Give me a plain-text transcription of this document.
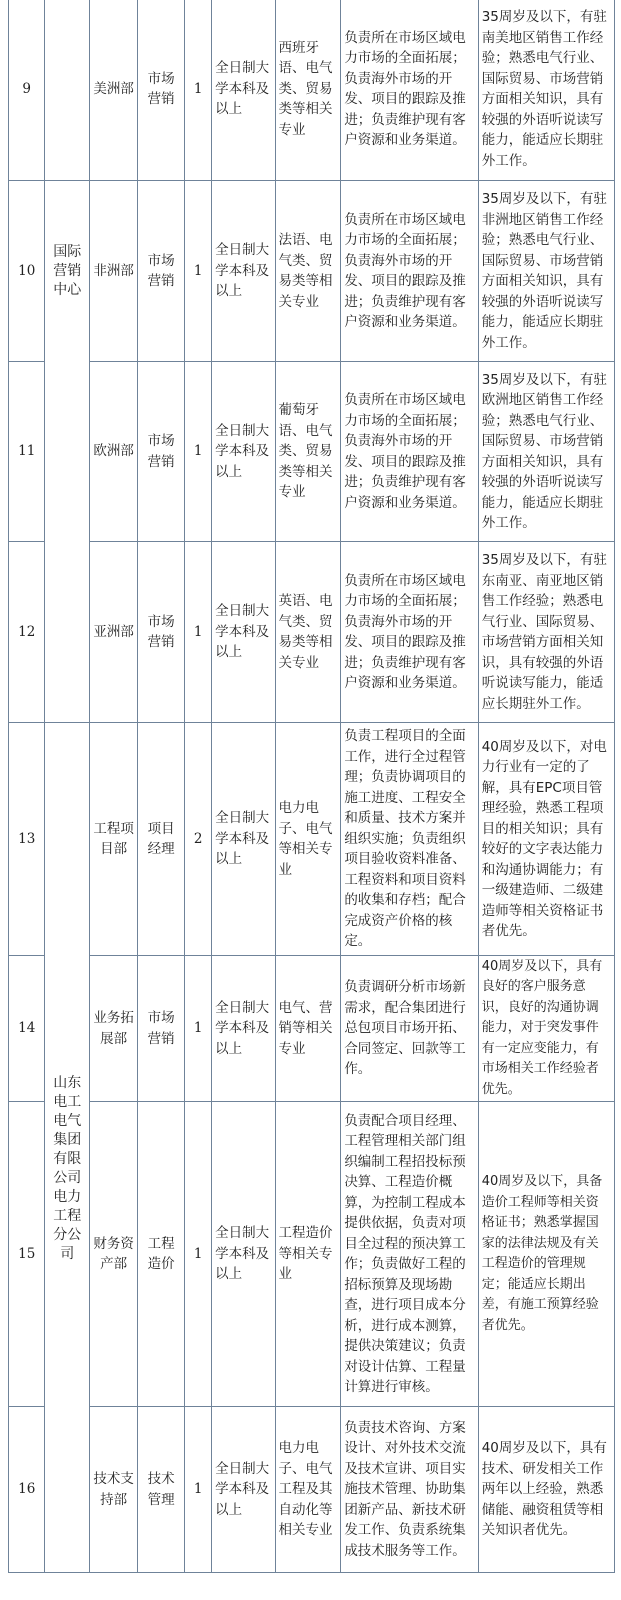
9		美洲部	市场营销	1	全日制大学本科及以上	西班牙语、电气类、贸易类等相关专业	负责所在市场区域电力市场的全面拓展；负责海外市场的开发、项目的跟踪及推进；负责维护现有客户资源和业务渠道。	35周岁及以下，有驻南美地区销售工作经验；熟悉电气行业、国际贸易、市场营销方面相关知识，具有较强的外语听说读写能力，能适应长期驻外工作。
10	国际营销中心	非洲部	市场营销	1	全日制大学本科及以上	法语、电气类、贸易类等相关专业	负责所在市场区域电力市场的全面拓展；负责海外市场的开发、项目的跟踪及推进；负责维护现有客户资源和业务渠道。	35周岁及以下，有驻非洲地区销售工作经验；熟悉电气行业、国际贸易、市场营销方面相关知识，具有较强的外语听说读写能力，能适应长期驻外工作。
11		欧洲部	市场营销	1	全日制大学本科及以上	葡萄牙语、电气类、贸易类等相关专业	负责所在市场区域电力市场的全面拓展；负责海外市场的开发、项目的跟踪及推进；负责维护现有客户资源和业务渠道。	35周岁及以下，有驻欧洲地区销售工作经验；熟悉电气行业、国际贸易、市场营销方面相关知识，具有较强的外语听说读写能力，能适应长期驻外工作。
12		亚洲部	市场营销	1	全日制大学本科及以上	英语、电气类、贸易类等相关专业	负责所在市场区域电力市场的全面拓展；负责海外市场的开发、项目的跟踪及推进；负责维护现有客户资源和业务渠道。	35周岁及以下，有驻东南亚、南亚地区销售工作经验；熟悉电气行业、国际贸易、市场营销方面相关知识，具有较强的外语听说读写能力，能适应长期驻外工作。
13		工程项目部	项目经理	2	全日制大学本科及以上	电力电子、电气等相关专业	负责工程项目的全面工作，进行全过程管理；负责协调项目的施工进度、工程安全和质量、技术方案并组织实施；负责组织项目验收资料准备、工程资料和项目资料的收集和存档；配合完成资产价格的核定。	40周岁及以下，对电力行业有一定的了解，具有EPC项目管理经验，熟悉工程项目的相关知识；具有较好的文字表达能力和沟通协调能力；有一级建造师、二级建造师等相关资格证书者优先。
14	山东电工电气集团有限公司电力工程分公司	业务拓展部	市场营销	1	全日制大学本科及以上	电气、营销等相关专业	负责调研分析市场新需求，配合集团进行总包项目市场开拓、合同签定、回款等工作。	40周岁及以下，具有良好的客户服务意识，良好的沟通协调能力，对于突发事件有一定应变能力，有市场相关工作经验者优先。
15		财务资产部	工程造价	1	全日制大学本科及以上	工程造价等相关专业	负责配合项目经理、工程管理相关部门组织编制工程招投标预决算、工程造价概算，为控制工程成本提供依据，负责对项目全过程的预决算工作；负责做好工程的招标预算及现场勘查，进行项目成本分析，进行成本测算，提供决策建议；负责对设计估算、工程量计算进行审核。	40周岁及以下，具备造价工程师等相关资格证书；熟悉掌握国家的法律法规及有关工程造价的管理规定；能适应长期出差，有施工预算经验者优先。
16		技术支持部	技术管理	1	全日制大学本科及以上	电力电子、电气工程及其自动化等相关专业	负责技术咨询、方案设计、对外技术交流及技术宣讲、项目实施技术管理、协助集团新产品、新技术研发工作、负责系统集成技术服务等工作。	40周岁及以下，具有技术、研发相关工作两年以上经验，熟悉储能、融资租赁等相关知识者优先。
